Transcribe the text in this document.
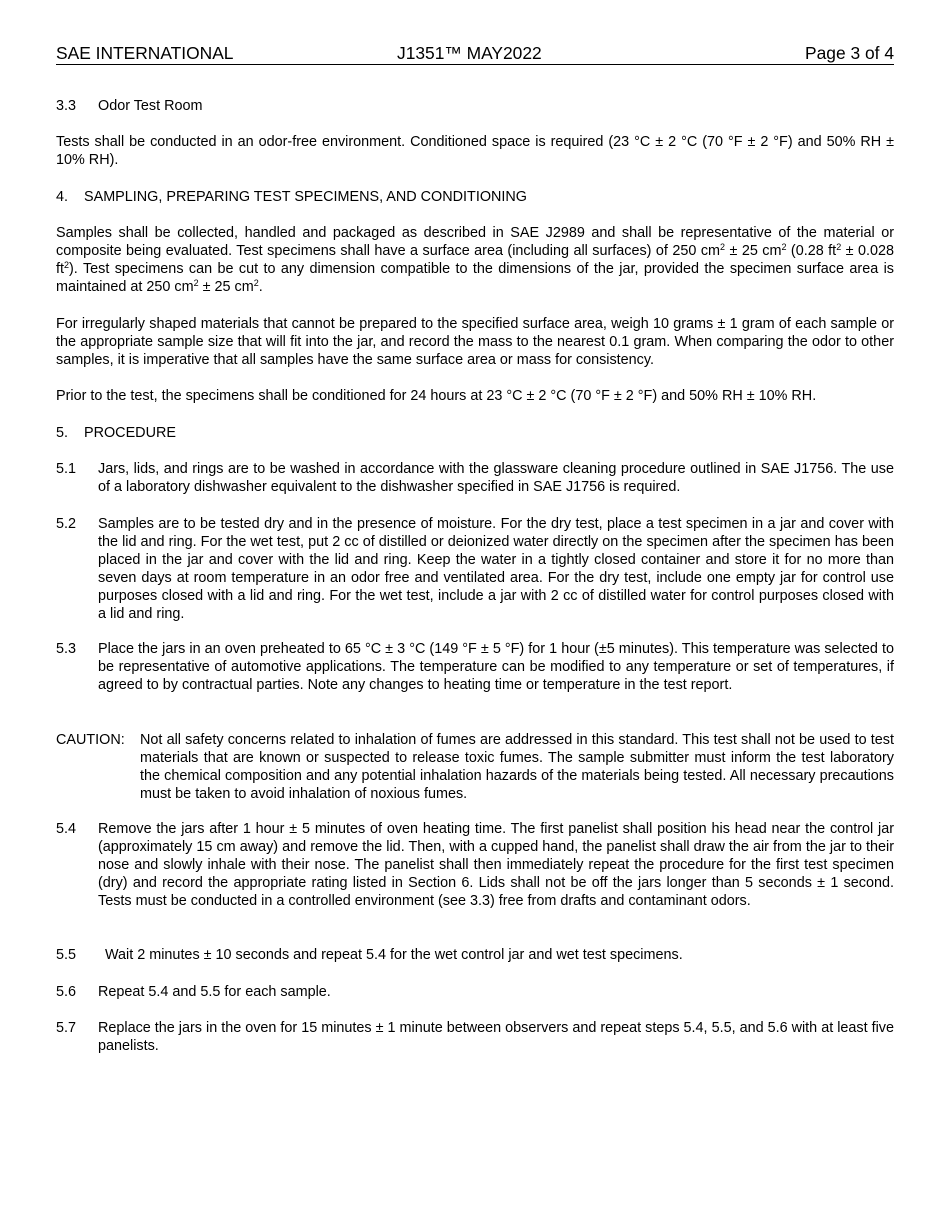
SAE INTERNATIONAL	J1351™ MAY2022	Page 3 of 4
3.3 Odor Test Room
Tests shall be conducted in an odor-free environment. Conditioned space is required (23 °C ± 2 °C (70 °F ± 2 °F) and 50% RH ± 10% RH).
4. SAMPLING, PREPARING TEST SPECIMENS, AND CONDITIONING
Samples shall be collected, handled and packaged as described in SAE J2989 and shall be representative of the material or composite being evaluated. Test specimens shall have a surface area (including all surfaces) of 250 $cm^2 \pm 25$ $cm^2$ (0.28 $ft^2 \pm 0.028$ $ft^2$). Test specimens can be cut to any dimension compatible to the dimensions of the jar, provided the specimen surface area is maintained at 250 $cm^2 \pm 25$ $cm^2$.
For irregularly shaped materials that cannot be prepared to the specified surface area, weigh 10 grams ± 1 gram of each sample or the appropriate sample size that will fit into the jar, and record the mass to the nearest 0.1 gram. When comparing the odor to other samples, it is imperative that all samples have the same surface area or mass for consistency.
Prior to the test, the specimens shall be conditioned for 24 hours at 23 °C ± 2 °C (70 °F ± 2 °F) and 50% RH ± 10% RH.
5. PROCEDURE
5.1 Jars, lids, and rings are to be washed in accordance with the glassware cleaning procedure outlined in SAE J1756. The use of a laboratory dishwasher equivalent to the dishwasher specified in SAE J1756 is required.
5.2 Samples are to be tested dry and in the presence of moisture. For the dry test, place a test specimen in a jar and cover with the lid and ring. For the wet test, put 2 cc of distilled or deionized water directly on the specimen after the specimen has been placed in the jar and cover with the lid and ring. Keep the water in a tightly closed container and store it for no more than seven days at room temperature in an odor free and ventilated area. For the dry test, include one empty jar for control use purposes closed with a lid and ring. For the wet test, include a jar with 2 cc of distilled water for control purposes closed with a lid and ring.
5.3 Place the jars in an oven preheated to 65 °C ± 3 °C (149 °F ± 5 °F) for 1 hour (±5 minutes). This temperature was selected to be representative of automotive applications. The temperature can be modified to any temperature or set of temperatures, if agreed to by contractual parties. Note any changes to heating time or temperature in the test report.
CAUTION: Not all safety concerns related to inhalation of fumes are addressed in this standard. This test shall not be used to test materials that are known or suspected to release toxic fumes. The sample submitter must inform the test laboratory the chemical composition and any potential inhalation hazards of the materials being tested. All necessary precautions must be taken to avoid inhalation of noxious fumes.
5.4 Remove the jars after 1 hour ± 5 minutes of oven heating time. The first panelist shall position his head near the control jar (approximately 15 cm away) and remove the lid. Then, with a cupped hand, the panelist shall draw the air from the jar to their nose and slowly inhale with their nose. The panelist shall then immediately repeat the procedure for the first test specimen (dry) and record the appropriate rating listed in Section 6. Lids shall not be off the jars longer than 5 seconds ± 1 second. Tests must be conducted in a controlled environment (see 3.3) free from drafts and contaminant odors.
5.5 Wait 2 minutes ± 10 seconds and repeat 5.4 for the wet control jar and wet test specimens.
5.6 Repeat 5.4 and 5.5 for each sample.
5.7 Replace the jars in the oven for 15 minutes ± 1 minute between observers and repeat steps 5.4, 5.5, and 5.6 with at least five panelists.
